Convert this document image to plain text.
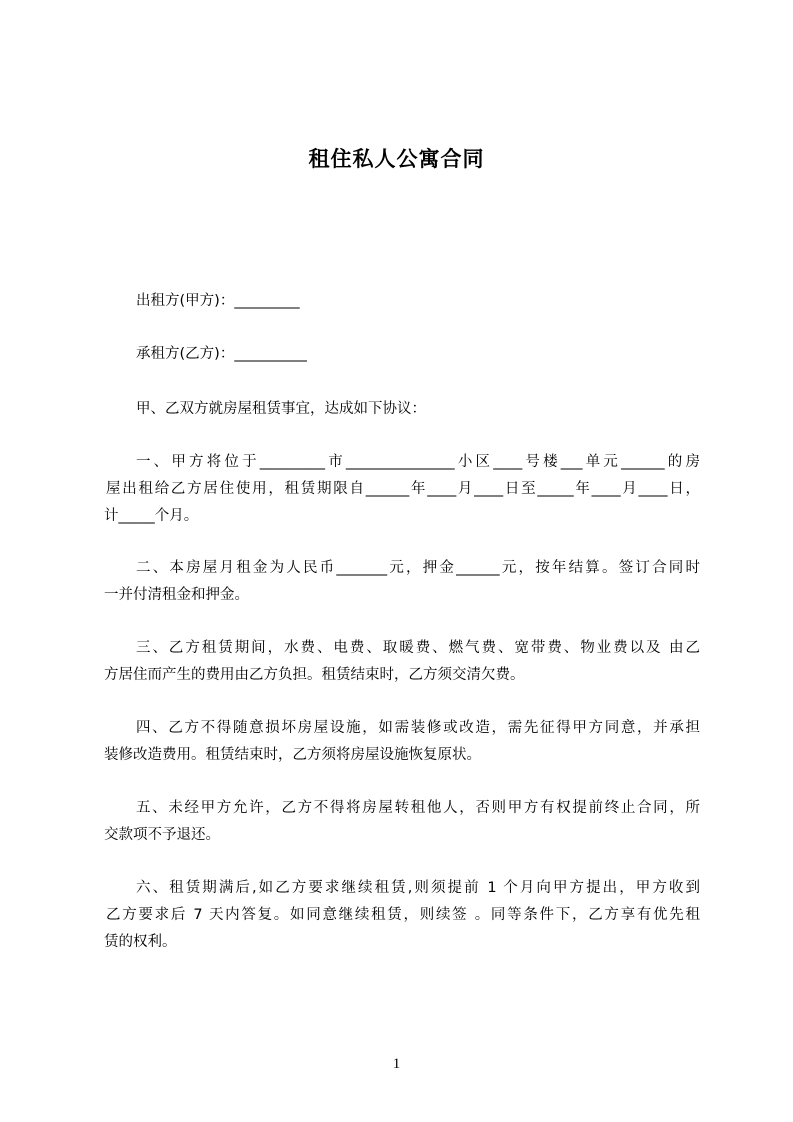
租住私人公寓合同
出租方(甲方)：_________
承租方(乙方)：__________
甲、乙双方就房屋租赁事宜，达成如下协议：
一、甲方将位于_________市_______________小区____号楼___单元______的房
屋出租给乙方居住使用，租赁期限自______年____月____日至_____年____月____日，
计_____个月。
二、本房屋月租金为人民币_______元，押金______元，按年结算。签订合同时
一并付清租金和押金。
三、乙方租赁期间，水费、电费、取暖费、燃气费、宽带费、物业费以及 由乙
方居住而产生的费用由乙方负担。租赁结束时，乙方须交清欠费。
四、乙方不得随意损坏房屋设施，如需装修或改造，需先征得甲方同意，并承担
装修改造费用。租赁结束时，乙方须将房屋设施恢复原状。
五、未经甲方允许，乙方不得将房屋转租他人，否则甲方有权提前终止合同，所
交款项不予退还。
六、租赁期满后,如乙方要求继续租赁,则须提前 1 个月向甲方提出，甲方收到
乙方要求后 7 天内答复。如同意继续租赁，则续签 。同等条件下，乙方享有优先租
赁的权利。
1
